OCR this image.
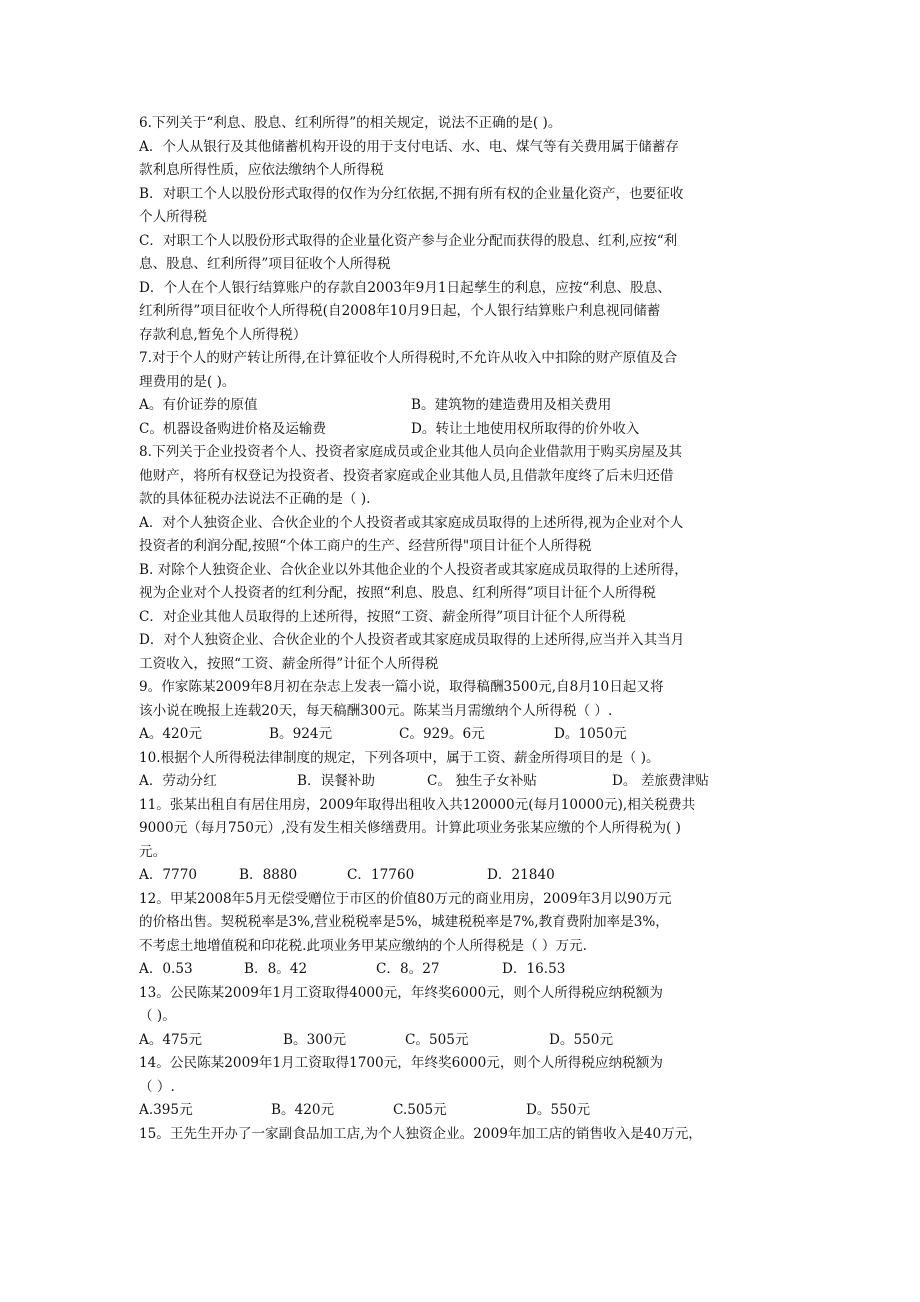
6.下列关于“利息、股息、红利所得”的相关规定，说法不正确的是( )。
A．个人从银行及其他储蓄机构开设的用于支付电话、水、电、煤气等有关费用属于储蓄存
款利息所得性质，应依法缴纳个人所得税
B．对职工个人以股份形式取得的仅作为分红依据,不拥有所有权的企业量化资产，也要征收
个人所得税
C．对职工个人以股份形式取得的企业量化资产参与企业分配而获得的股息、红利,应按“利
息、股息、红利所得”项目征收个人所得税
D．个人在个人银行结算账户的存款自2003年9月1日起孳生的利息，应按“利息、股息、
红利所得”项目征收个人所得税(自2008年10月9日起，个人银行结算账户利息视同储蓄
存款利息,暂免个人所得税）
7.对于个人的财产转让所得,在计算征收个人所得税时,不允许从收入中扣除的财产原值及合
理费用的是( )。
A。有价证券的原值	B。建筑物的建造费用及相关费用
C。机器设备购进价格及运输费	D。转让土地使用权所取得的价外收入
8.下列关于企业投资者个人、投资者家庭成员或企业其他人员向企业借款用于购买房屋及其
他财产，将所有权登记为投资者、投资者家庭或企业其他人员,且借款年度终了后未归还借
款的具体征税办法说法不正确的是（ ).
A．对个人独资企业、合伙企业的个人投资者或其家庭成员取得的上述所得,视为企业对个人
投资者的利润分配,按照“个体工商户的生产、经营所得"项目计征个人所得税
B. 对除个人独资企业、合伙企业以外其他企业的个人投资者或其家庭成员取得的上述所得，
视为企业对个人投资者的红利分配，按照“利息、股息、红利所得”项目计征个人所得税
C．对企业其他人员取得的上述所得，按照“工资、薪金所得”项目计征个人所得税
D．对个人独资企业、合伙企业的个人投资者或其家庭成员取得的上述所得,应当并入其当月
工资收入，按照“工资、薪金所得”计征个人所得税
9。作家陈某2009年8月初在杂志上发表一篇小说，取得稿酬3500元,自8月10日起又将
该小说在晚报上连载20天，每天稿酬300元。陈某当月需缴纳个人所得税（ ）.
A。420元	B。924元	C。929。6元	D。1050元
10.根据个人所得税法律制度的规定，下列各项中，属于工资、薪金所得项目的是（ )。
A．劳动分红	B．误餐补助	C。 独生子女补贴	D。 差旅费津贴
11。张某出租自有居住用房，2009年取得出租收入共120000元(每月10000元),相关税费共
9000元（每月750元）,没有发生相关修缮费用。计算此项业务张某应缴的个人所得税为( )
元。
A．7770	B．8880	C．17760	D．21840
12。甲某2008年5月无偿受赠位于市区的价值80万元的商业用房，2009年3月以90万元
的价格出售。契税税率是3%,营业税税率是5%，城建税税率是7%,教育费附加率是3%，
不考虑土地增值税和印花税.此项业务甲某应缴纳的个人所得税是（ ）万元.
A．0.53	B．8。42	C．8。27	D．16.53
13。公民陈某2009年1月工资取得4000元，年终奖6000元，则个人所得税应纳税额为
（ )。
A。475元	B。300元	C。505元	D。550元
14。公民陈某2009年1月工资取得1700元，年终奖6000元，则个人所得税应纳税额为
（ ）.
A.395元	B。420元	C.505元	D。550元
15。王先生开办了一家副食品加工店,为个人独资企业。2009年加工店的销售收入是40万元，
